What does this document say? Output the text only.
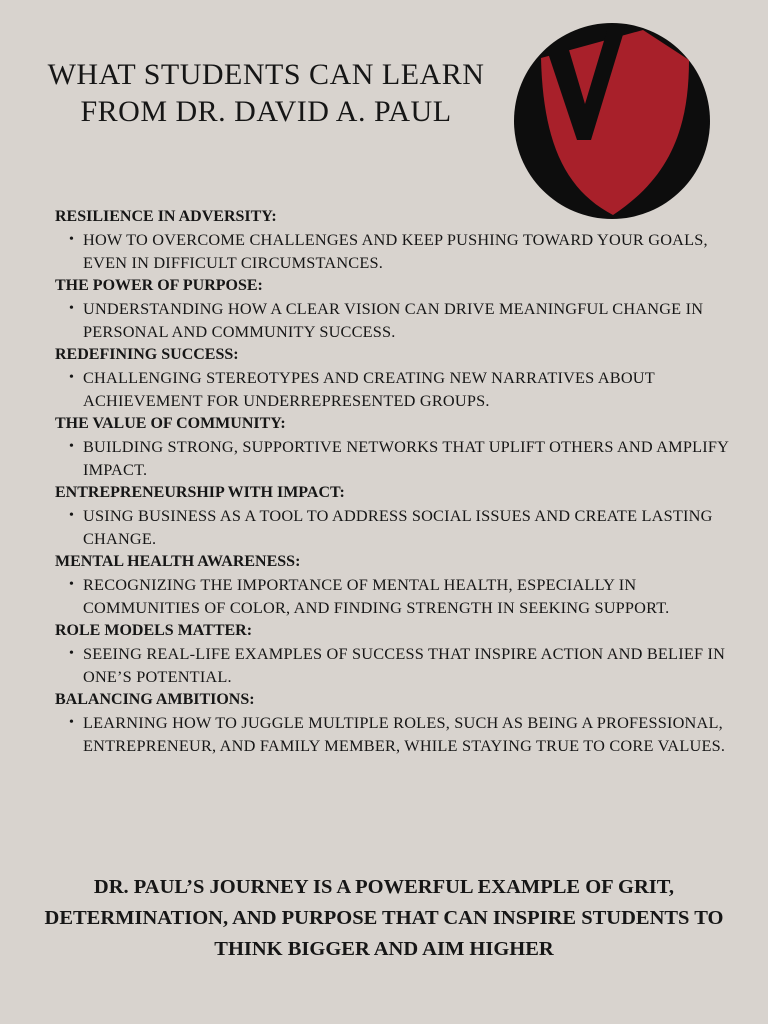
WHAT STUDENTS CAN LEARN FROM DR. DAVID A. PAUL
RESILIENCE IN ADVERSITY:
• HOW TO OVERCOME CHALLENGES AND KEEP PUSHING TOWARD YOUR GOALS, EVEN IN DIFFICULT CIRCUMSTANCES.
THE POWER OF PURPOSE:
• UNDERSTANDING HOW A CLEAR VISION CAN DRIVE MEANINGFUL CHANGE IN PERSONAL AND COMMUNITY SUCCESS.
REDEFINING SUCCESS:
• CHALLENGING STEREOTYPES AND CREATING NEW NARRATIVES ABOUT ACHIEVEMENT FOR UNDERREPRESENTED GROUPS.
THE VALUE OF COMMUNITY:
• BUILDING STRONG, SUPPORTIVE NETWORKS THAT UPLIFT OTHERS AND AMPLIFY IMPACT.
ENTREPRENEURSHIP WITH IMPACT:
• USING BUSINESS AS A TOOL TO ADDRESS SOCIAL ISSUES AND CREATE LASTING CHANGE.
MENTAL HEALTH AWARENESS:
• RECOGNIZING THE IMPORTANCE OF MENTAL HEALTH, ESPECIALLY IN COMMUNITIES OF COLOR, AND FINDING STRENGTH IN SEEKING SUPPORT.
ROLE MODELS MATTER:
• SEEING REAL-LIFE EXAMPLES OF SUCCESS THAT INSPIRE ACTION AND BELIEF IN ONE’S POTENTIAL.
BALANCING AMBITIONS:
• LEARNING HOW TO JUGGLE MULTIPLE ROLES, SUCH AS BEING A PROFESSIONAL, ENTREPRENEUR, AND FAMILY MEMBER, WHILE STAYING TRUE TO CORE VALUES.

DR. PAUL’S JOURNEY IS A POWERFUL EXAMPLE OF GRIT, DETERMINATION, AND PURPOSE THAT CAN INSPIRE STUDENTS TO THINK BIGGER AND AIM HIGHER
